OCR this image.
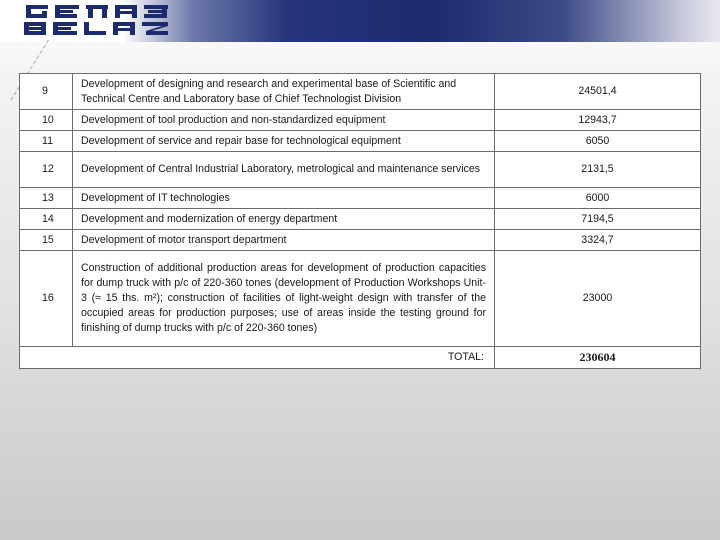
9	Development of designing and research and experimental base of Scientific and Technical Centre and Laboratory base of Chief Technologist Division	24501,4
10	Development of tool production and non-standardized equipment	12943,7
11	Development of service and repair base for technological equipment	6050
12	Development of Central Industrial Laboratory, metrological and maintenance services	2131,5
13	Development of IT technologies	6000
14	Development and modernization of energy department	7194,5
15	Development of motor transport department	3324,7
16	Construction of additional production areas for development of production capacities for dump truck with p/c of 220-360 tones (development of Production Workshops Unit-3 (≈ 15 ths. m²); construction of facilities of light-weight design with transfer of the occupied areas for production purposes; use of areas inside the testing ground for finishing of dump trucks with p/c of 220-360 tones)	23000
TOTAL:		230604
